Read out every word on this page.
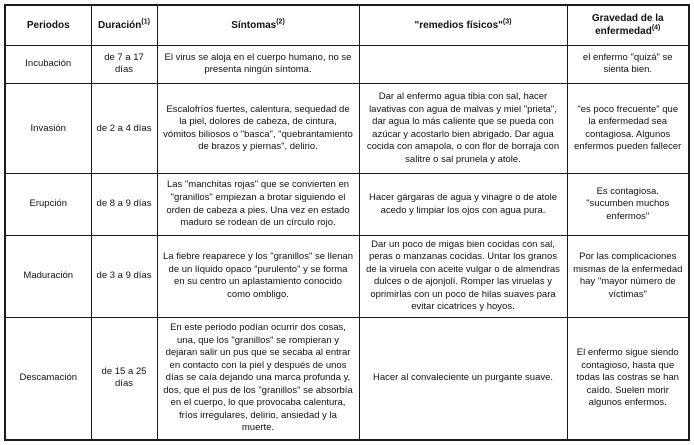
Periodos	Duración$^{(1)}$	Síntomas$^{(2)}$	"remedios físicos"$^{(3)}$	Gravedad de la enfermedad$^{(4)}$
Incubación	de 7 a 17 días	El virus se aloja en el cuerpo humano, no se presenta ningún síntoma.		el enfermo "quizá" se sienta bien.
Invasión	de 2 a 4 días	Escalofríos fuertes, calentura, sequedad de la piel, dolores de cabeza, de cintura, vómitos biliosos o "basca", "quebrantamiento de brazos y piernas", delirio.	Dar al enfermo agua tibia con sal, hacer lavativas con agua de malvas y miel "prieta", dar agua lo más caliente que se pueda con azúcar y acostarlo bien abrigado. Dar agua cocida con amapola, o con flor de borraja con salitre o sal prunela y atole.	"es poco frecuente" que la enfermedad sea contagiosa. Algunos enfermos pueden fallecer
Erupción	de 8 a 9 días	Las "manchitas rojas" que se convierten en "granillos" empiezan a brotar siguiendo el orden de cabeza a pies. Una vez en estado maduro se rodean de un círculo rojo.	Hacer gárgaras de agua y vinagre o de atole acedo y limpiar los ojos con agua pura.	Es contagiosa. "sucumben muchos enfermos"
Maduración	de 3 a 9 días	La fiebre reaparece y los "granillos" se llenan de un líquido opaco "purulento" y se forma en su centro un aplastamiento conocido como ombligo.	Dar un poco de migas bien cocidas con sal, peras o manzanas cocidas. Untar los granos de la viruela con aceite vulgar o de almendras dulces o de ajonjolí. Romper las viruelas y oprimirlas con un poco de hilas suaves para evitar cicatrices y hoyos.	Por las complicaciones mismas de la enfermedad hay "mayor número de víctimas"
Descamación	de 15 a 25 días	En este periodo podían ocurrir dos cosas, una, que los "granillos" se rompieran y dejaran salir un pus que se secaba al entrar en contacto con la piel y después de unos días se caía dejando una marca profunda y, dos, que el pus de los "granillos" se absorbía en el cuerpo, lo que provocaba calentura, fríos irregulares, delirio, ansiedad y la muerte.	Hacer al convaleciente un purgante suave.	El enfermo sigue siendo contagioso, hasta que todas las costras se han caído. Suelen morir algunos enfermos.
